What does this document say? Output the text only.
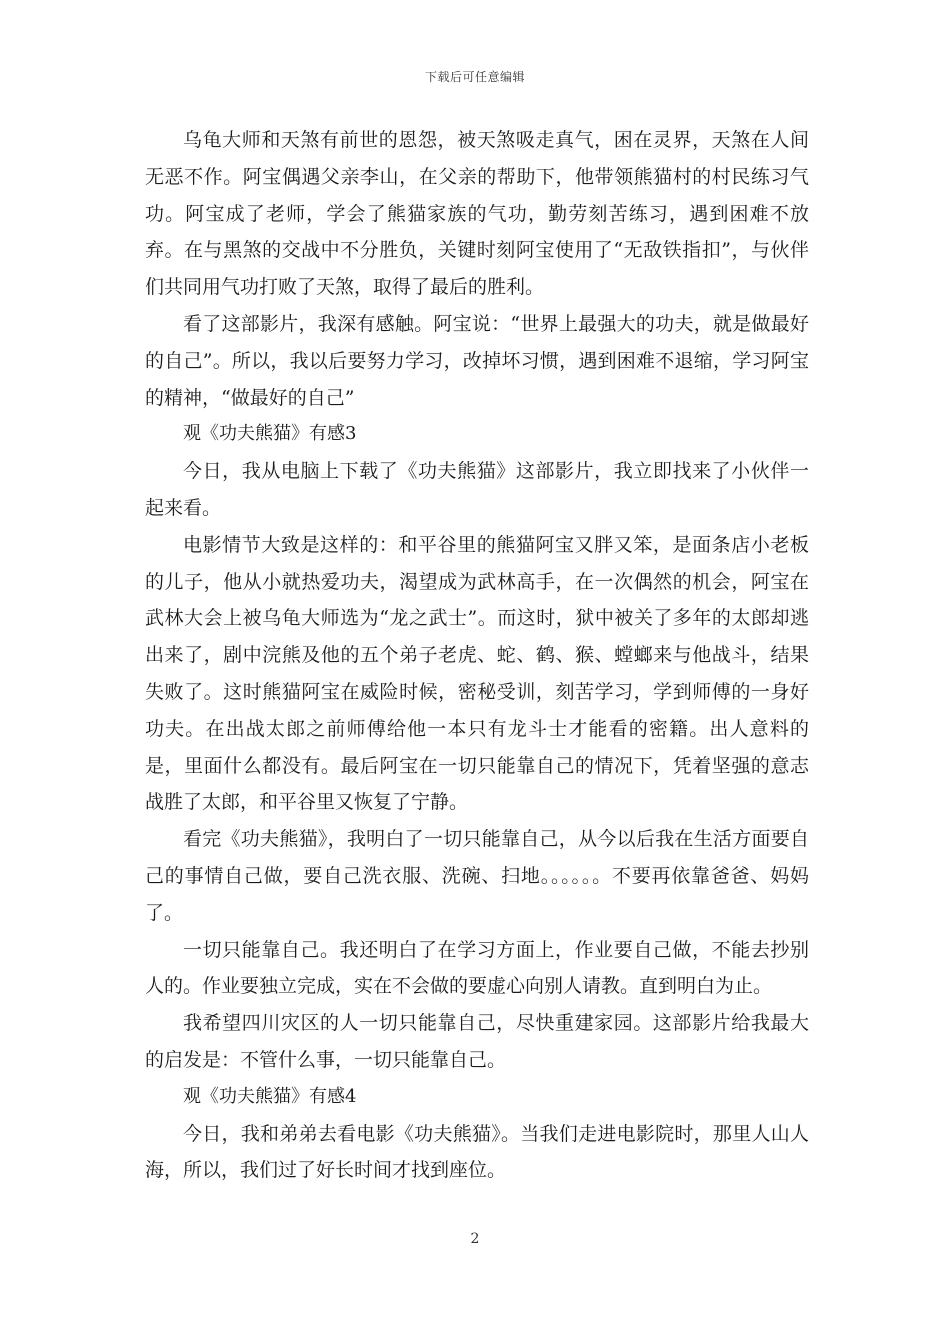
下载后可任意编辑

乌龟大师和天煞有前世的恩怨，被天煞吸走真气，困在灵界，天煞在人间无恶不作。阿宝偶遇父亲李山，在父亲的帮助下，他带领熊猫村的村民练习气功。阿宝成了老师，学会了熊猫家族的气功，勤劳刻苦练习，遇到困难不放弃。在与黑煞的交战中不分胜负，关键时刻阿宝使用了“无敌铁指扣”，与伙伴们共同用气功打败了天煞，取得了最后的胜利。

看了这部影片，我深有感触。阿宝说：“世界上最强大的功夫，就是做最好的自己”。所以，我以后要努力学习，改掉坏习惯，遇到困难不退缩，学习阿宝的精神，“做最好的自己”

观《功夫熊猫》有感3

今日，我从电脑上下载了《功夫熊猫》这部影片，我立即找来了小伙伴一起来看。

电影情节大致是这样的：和平谷里的熊猫阿宝又胖又笨，是面条店小老板的儿子，他从小就热爱功夫，渴望成为武林高手，在一次偶然的机会，阿宝在武林大会上被乌龟大师选为“龙之武士”。而这时，狱中被关了多年的太郎却逃出来了，剧中浣熊及他的五个弟子老虎、蛇、鹤、猴、螳螂来与他战斗，结果失败了。这时熊猫阿宝在威险时候，密秘受训，刻苦学习，学到师傅的一身好功夫。在出战太郎之前师傅给他一本只有龙斗士才能看的密籍。出人意料的是，里面什么都没有。最后阿宝在一切只能靠自己的情况下，凭着坚强的意志战胜了太郎，和平谷里又恢复了宁静。

看完《功夫熊猫》，我明白了一切只能靠自己，从今以后我在生活方面要自己的事情自己做，要自己洗衣服、洗碗、扫地。。。。。。不要再依靠爸爸、妈妈了。

一切只能靠自己。我还明白了在学习方面上，作业要自己做，不能去抄别人的。作业要独立完成，实在不会做的要虚心向别人请教。直到明白为止。

我希望四川灾区的人一切只能靠自己，尽快重建家园。这部影片给我最大的启发是：不管什么事，一切只能靠自己。

观《功夫熊猫》有感4

今日，我和弟弟去看电影《功夫熊猫》。当我们走进电影院时，那里人山人海，所以，我们过了好长时间才找到座位。

2
